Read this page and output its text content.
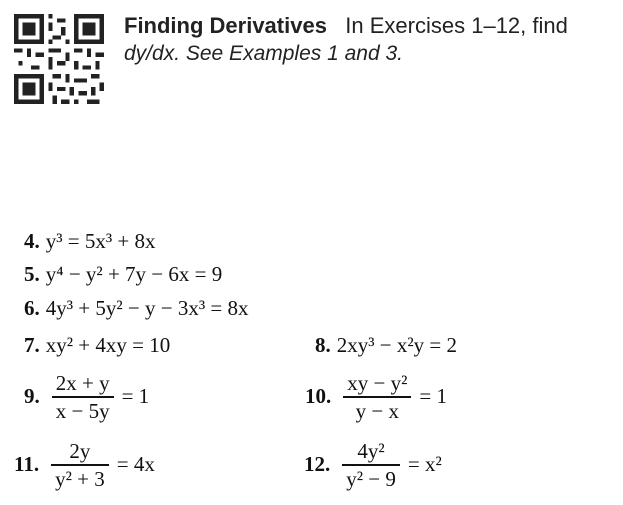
Finding Derivatives In Exercises 1–12, find
dy/dx. See Examples 1 and 3.
4. y³ = 5x³ + 8x
5. y⁴ − y² + 7y − 6x = 9
6. 4y³ + 5y² − y − 3x³ = 8x
7. xy² + 4xy = 10	8. 2xy³ − x²y = 2
9. $\frac{2x + y}{x - 5y} = 1$	10. $\frac{\text{xy − y²}}{y - x} = 1$
11. $\frac{2y}{\text{y² + 3}} = 4x$	12. $\frac{\text{4y²}}{\text{y² − 9}} = x^2$
